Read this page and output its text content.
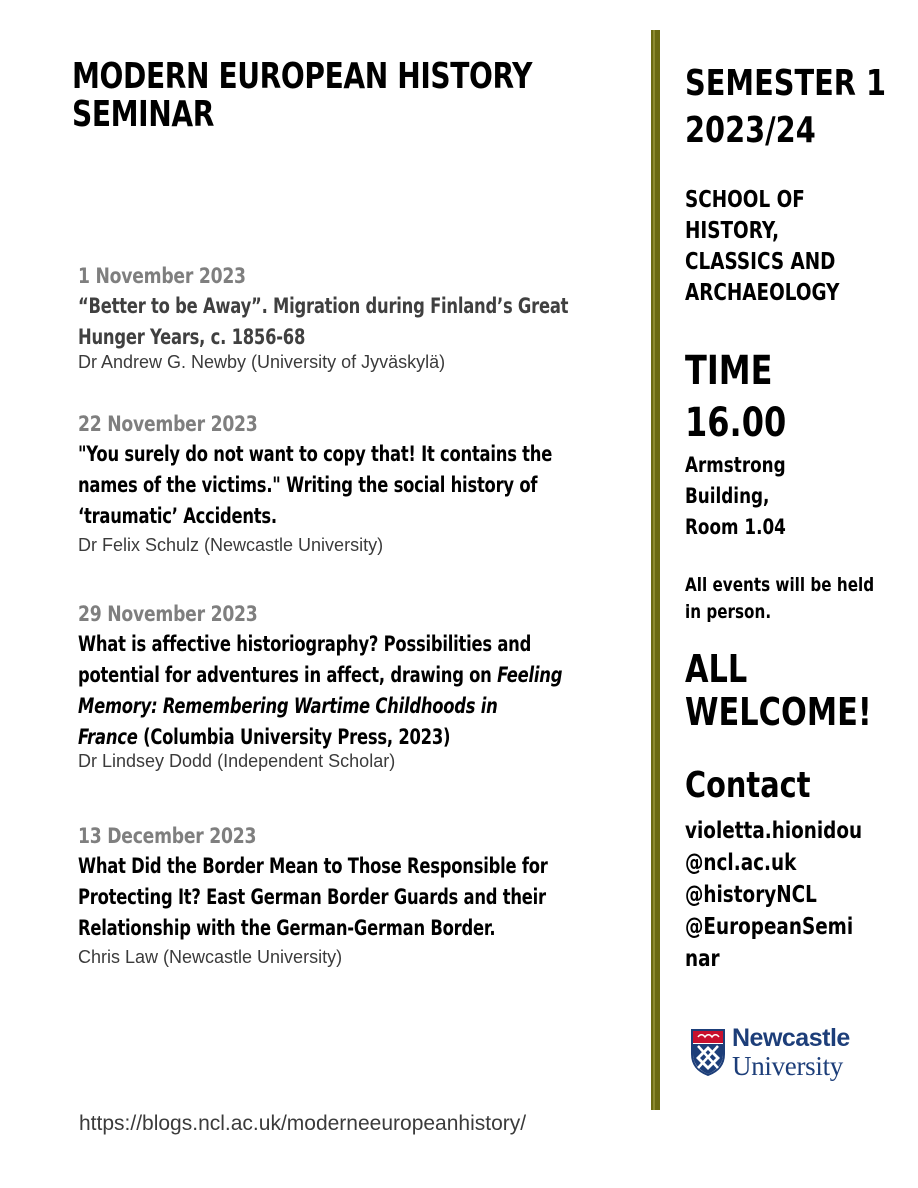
MODERN EUROPEAN HISTORY
SEMINAR
1 November 2023
“Better to be Away”. Migration during Finland’s Great
Hunger Years, c. 1856-68
Dr Andrew G. Newby (University of Jyväskylä)
22 November 2023
"You surely do not want to copy that! It contains the
names of the victims." Writing the social history of
‘traumatic’ Accidents.
Dr Felix Schulz (Newcastle University)
29 November 2023
What is affective historiography? Possibilities and
potential for adventures in affect, drawing on Feeling
Memory: Remembering Wartime Childhoods in
France (Columbia University Press, 2023)
Dr Lindsey Dodd (Independent Scholar)
13 December 2023
What Did the Border Mean to Those Responsible for
Protecting It? East German Border Guards and their
Relationship with the German-German Border.
Chris Law (Newcastle University)
https://blogs.ncl.ac.uk/moderneeuropeanhistory/
SEMESTER 1
2023/24
SCHOOL OF
HISTORY,
CLASSICS AND
ARCHAEOLOGY
TIME
16.00
Armstrong
Building,
Room 1.04
All events will be held
in person.
ALL
WELCOME!
Contact
violetta.hionidou
@ncl.ac.uk
@historyNCL
@EuropeanSemi
nar
Newcastle
University
